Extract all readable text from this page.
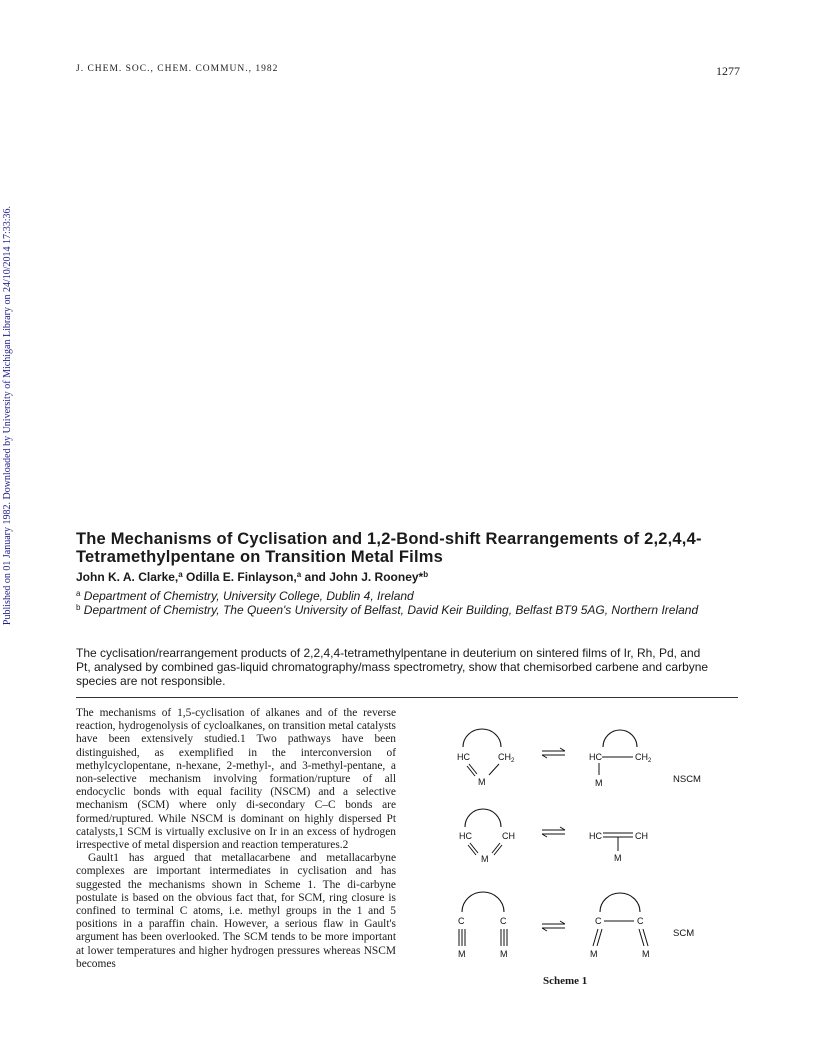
J. CHEM. SOC., CHEM. COMMUN., 1982	1277
Published on 01 January 1982. Downloaded by University of Michigan Library on 24/10/2014 17:33:36.	The Mechanisms of Cyclisation and 1,2-Bond-shift Rearrangements of 2,2,4,4-Tetramethylpentane on Transition Metal Films
John K. A. Clarke,$^a$ Odilla E. Finlayson,$^a$ and John J. Rooney*$^b$
$^a$ Department of Chemistry, University College, Dublin 4, Ireland
$^b$ Department of Chemistry, The Queen's University of Belfast, David Keir Building, Belfast BT9 5AG, Northern Ireland
The cyclisation/rearrangement products of 2,2,4,4-tetramethylpentane in deuterium on sintered films of Ir, Rh, Pd, and Pt, analysed by combined gas-liquid chromatography/mass spectrometry, show that chemisorbed carbene and carbyne species are not responsible.

The mechanisms of 1,5-cyclisation of alkanes and of the reverse reaction, hydrogenolysis of cycloalkanes, on transition metal catalysts have been extensively studied.1 Two pathways have been distinguished, as exemplified in the interconversion of methylcyclopentane, n-hexane, 2-methyl-, and 3-methyl-pentane, a non-selective mechanism involving formation/rupture of all endocyclic bonds with equal facility (NSCM) and a selective mechanism (SCM) where only di-secondary C–C bonds are formed/ruptured. While NSCM is dominant on highly dispersed Pt catalysts,1 SCM is virtually exclusive on Ir in an excess of hydrogen irrespective of metal dispersion and reaction temperatures.2

Gault1 has argued that metallacarbene and metallacarbyne complexes are important intermediates in cyclisation and has suggested the mechanisms shown in Scheme 1. The di-carbyne postulate is based on the obvious fact that, for SCM, ring closure is confined to terminal C atoms, i.e. methyl groups in the 1 and 5 positions in a paraffin chain. However, a serious flaw in Gault's argument has been overlooked. The SCM tends to be more important at lower temperatures and higher hydrogen pressures whereas NSCM becomes

HC	$CH_2$
M
HC	$CH_2$
M	NSCM
HC	CH
M
HC	CH
M
C	C
M	M
C	C
M	M
SCM
Scheme 1
